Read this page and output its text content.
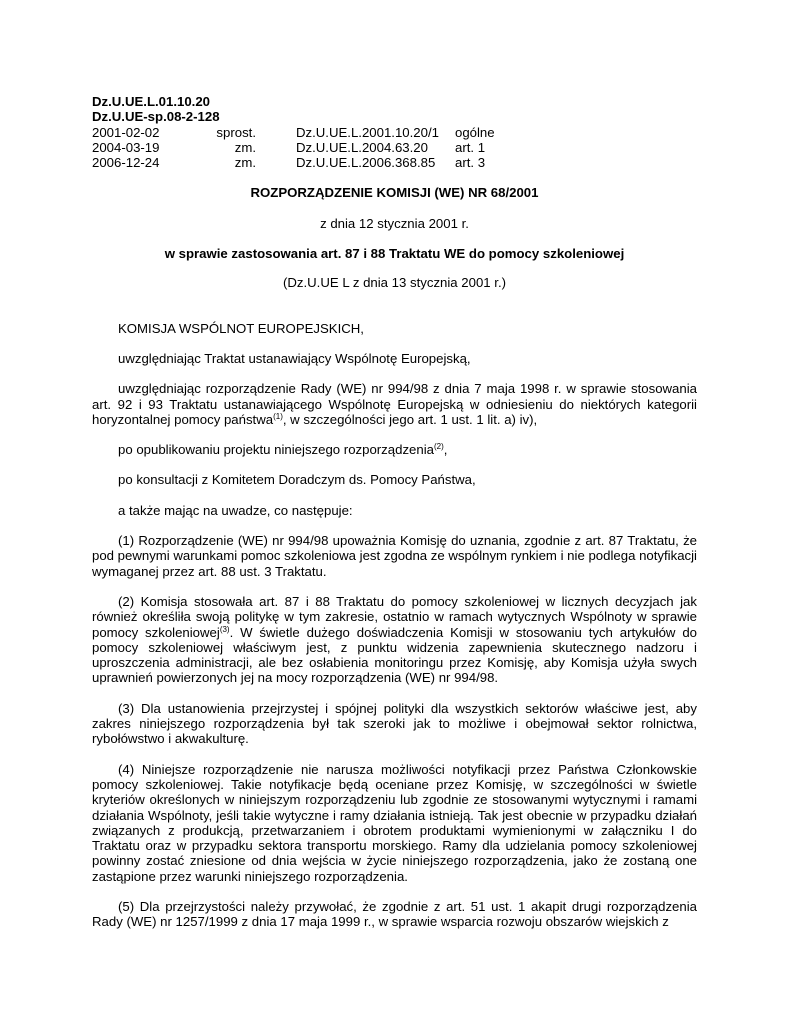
Dz.U.UE.L.01.10.20
Dz.U.UE-sp.08-2-128
2001-02-02	sprost.	Dz.U.UE.L.2001.10.20/1 ogólne
2004-03-19	zm.	Dz.U.UE.L.2004.63.20 art. 1
2006-12-24	zm.	Dz.U.UE.L.2006.368.85 art. 3
ROZPORZĄDZENIE KOMISJI (WE) NR 68/2001
z dnia 12 stycznia 2001 r.
w sprawie zastosowania art. 87 i 88 Traktatu WE do pomocy szkoleniowej
(Dz.U.UE L z dnia 13 stycznia 2001 r.)
KOMISJA WSPÓLNOT EUROPEJSKICH,
uwzględniając Traktat ustanawiający Wspólnotę Europejską,
uwzględniając rozporządzenie Rady (WE) nr 994/98 z dnia 7 maja 1998 r. w sprawie stosowania art. 92 i 93 Traktatu ustanawiającego Wspólnotę Europejską w odniesieniu do niektórych kategorii horyzontalnej pomocy państwa$^{(1)}$, w szczególności jego art. 1 ust. 1 lit. a) iv),
po opublikowaniu projektu niniejszego rozporządzenia$^{(2)}$,
po konsultacji z Komitetem Doradczym ds. Pomocy Państwa,
a także mając na uwadze, co następuje:
(1) Rozporządzenie (WE) nr 994/98 upoważnia Komisję do uznania, zgodnie z art. 87 Traktatu, że pod pewnymi warunkami pomoc szkoleniowa jest zgodna ze wspólnym rynkiem i nie podlega notyfikacji wymaganej przez art. 88 ust. 3 Traktatu.
(2) Komisja stosowała art. 87 i 88 Traktatu do pomocy szkoleniowej w licznych decyzjach jak również określiła swoją politykę w tym zakresie, ostatnio w ramach wytycznych Wspólnoty w sprawie pomocy szkoleniowej$^{(3)}$. W świetle dużego doświadczenia Komisji w stosowaniu tych artykułów do pomocy szkoleniowej właściwym jest, z punktu widzenia zapewnienia skutecznego nadzoru i uproszczenia administracji, ale bez osłabienia monitoringu przez Komisję, aby Komisja użyła swych uprawnień powierzonych jej na mocy rozporządzenia (WE) nr 994/98.
(3) Dla ustanowienia przejrzystej i spójnej polityki dla wszystkich sektorów właściwe jest, aby zakres niniejszego rozporządzenia był tak szeroki jak to możliwe i obejmował sektor rolnictwa, rybołówstwo i akwakulturę.
(4) Niniejsze rozporządzenie nie narusza możliwości notyfikacji przez Państwa Członkowskie pomocy szkoleniowej. Takie notyfikacje będą oceniane przez Komisję, w szczególności w świetle kryteriów określonych w niniejszym rozporządzeniu lub zgodnie ze stosowanymi wytycznymi i ramami działania Wspólnoty, jeśli takie wytyczne i ramy działania istnieją. Tak jest obecnie w przypadku działań związanych z produkcją, przetwarzaniem i obrotem produktami wymienionymi w załączniku I do Traktatu oraz w przypadku sektora transportu morskiego. Ramy dla udzielania pomocy szkoleniowej powinny zostać zniesione od dnia wejścia w życie niniejszego rozporządzenia, jako że zostaną one zastąpione przez warunki niniejszego rozporządzenia.
(5) Dla przejrzystości należy przywołać, że zgodnie z art. 51 ust. 1 akapit drugi rozporządzenia Rady (WE) nr 1257/1999 z dnia 17 maja 1999 r., w sprawie wsparcia rozwoju obszarów wiejskich z
